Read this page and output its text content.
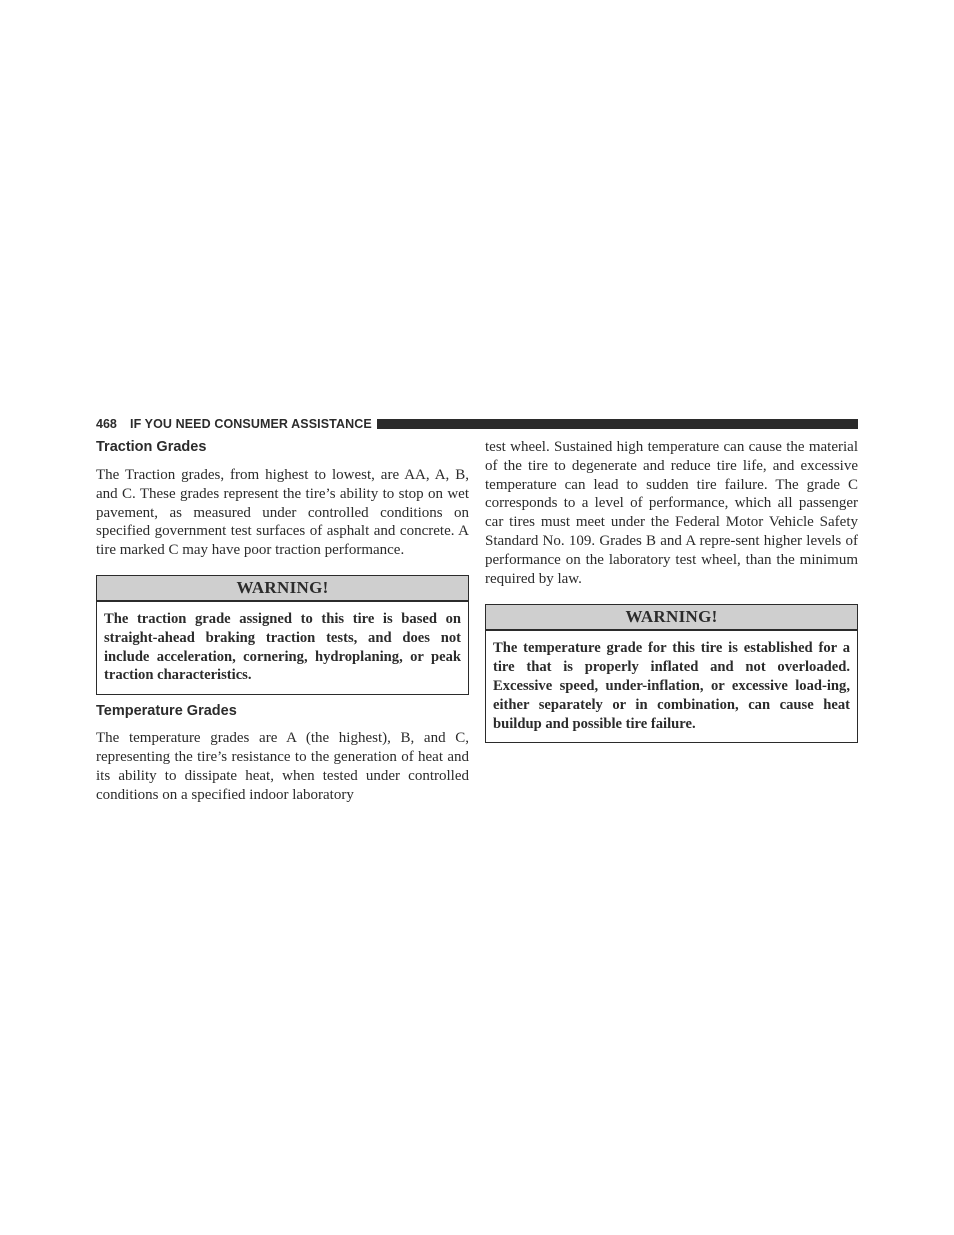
468 IF YOU NEED CONSUMER ASSISTANCE
Traction Grades

The Traction grades, from highest to lowest, are AA, A, B, and C. These grades represent the tire’s ability to stop on wet pavement, as measured under controlled conditions on specified government test surfaces of asphalt and concrete. A tire marked C may have poor traction performance.

WARNING!
The traction grade assigned to this tire is based on straight-ahead braking traction tests, and does not include acceleration, cornering, hydroplaning, or peak traction characteristics.
Temperature Grades

The temperature grades are A (the highest), B, and C, representing the tire’s resistance to the generation of heat and its ability to dissipate heat, when tested under controlled conditions on a specified indoor laboratory

test wheel. Sustained high temperature can cause the material of the tire to degenerate and reduce tire life, and excessive temperature can lead to sudden tire failure. The grade C corresponds to a level of performance, which all passenger car tires must meet under the Federal Motor Vehicle Safety Standard No. 109. Grades B and A repre-sent higher levels of performance on the laboratory test wheel, than the minimum required by law.

WARNING!
The temperature grade for this tire is established for a tire that is properly inflated and not overloaded. Excessive speed, under-inflation, or excessive load-ing, either separately or in combination, can cause heat buildup and possible tire failure.
